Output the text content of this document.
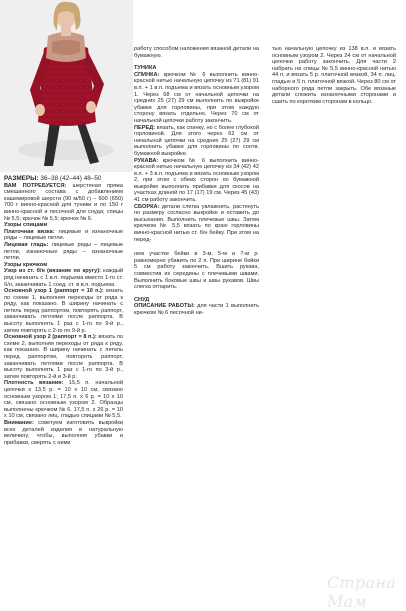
РАЗМЕРЫ: 36–38 (42–44) 48–50

ВАМ ПОТРЕБУЕТСЯ: шерстяная пряжа смешанного состава с добавлением кашемировой шерсти (90 м/50 г) – 600 (650) 700 г винно-красной для туники и по 150 г винно-красной и песочной для снуда; спицы № 5,5; крючок № 5,5; крючок № 6.

Узоры спицами

Платочная вязка: лицевые и изнаночные ряды – лицевые петли.

Лицевая гладь: лицевые ряды – лицевые петли, изнаночные ряды – изнаночные петли.

Узоры крючком

Узор из ст. б/н (вязание по кругу): каждый ряд начинать с 1 в.п. подъема вместо 1-го ст. б/н, заканчивать 1 соед. ст. в в.п. подъема.

Основной узор 1 (раппорт = 10 п.): вязать по схеме 1, выполняя переходы от ряда к ряду, как показано. В ширину начинать с петель перед раппортом, повторять раппорт, заканчивать петлями после раппорта. В высоту выполнять 1 раз с 1-го по 9-й р., затем повторять с 2-го по 9-й р.

Основной узор 2 (раппорт = 8 п.): вязать по схеме 2, выполняя переходы от ряда к ряду, как показано. В ширину начинать с петель перед раппортом, повторять раппорт, заканчивать петлями после раппорта. В высоту выполнять 1 раз с 1-го по 3-й р., затем повторять 2-й и 3-й р.

Плотность вязания: 15,5 п. начальной цепочки х 13,5 р. = 10 х 10 см, связано основным узором 1; 17,5 п. х 6 р. = 10 х 10 см, связано основным узором 2. Образцы выполнены крючком № 6. 17,5 п. х 26 р. = 10 х 10 см, связано лиц. гладью спицами № 5,5.

Внимание: советуем изготовить выкройки всех деталей изделия в натуральную величину, чтобы, выполняя убавки и прибавки, сверять с ними

работу способом наложения вязаной детали на бумажную.

ТУНИКА

СПИНКА: крючком № 6 выполнить винно-красной нитью начальную цепочку из 71 (81) 91 в.п. + 1 в.п. подъема и вязать основным узором 1. Через 68 см от начальной цепочки на средних 25 (27) 29 см выполнить по выкройке убавки для горловины, при этом каждую сторону вязать отдельно. Через 70 см от начальной цепочки работу закончить.

ПЕРЕД: вязать, как спинку, но с более глубокой горловиной. Для этого через 62 см от начальной цепочки на средних 25 (27) 29 см выполнить убавки для горловины по соотв. бумажной выкройке.

РУКАВА: крючком № 6 выполнить винно-красной нитью начальную цепочку из 34 (42) 42 в.п. + 3 в.п. подъема и вязать основным узором 2, при этом с обеих сторон по бумажной выкройке выполнить прибавки для скосов на участках длиной по 17 (17) 19 см. Через 45 (43) 41 см работу закончить.

СБОРКА: детали слегка увлажнить, растянуть по размеру согласно выкройке и оставить до высыхания. Выполнить плечевые швы. Затем крючком № 5,5 вязать по краю горловины винно-красной нитью ст. б/н бейку. При этом на перед-

нем участке бейки в 3-м, 5-м и 7-м р. равномерно убавить по 2 п. При ширине бейки 5 см работу закончить. Вшить рукава, совместив их середины с плечевыми швами. Выполнить боковые швы и швы рукавов. Швы слегка отпарить.

СНУД

ОПИСАНИЕ РАБОТЫ: для части 1 выполнить крючком № 6 песочной ни-

тью начальную цепочку из 138 в.п. и вязать основным узором 2. Через 24 см от начальной цепочки работу закончить. Для части 2 набрать на спицы № 5,5 винно-красной нитью 44 п. и вязать 5 р. платочной вязкой, 34 п. лиц. гладью и 5 п. платочной вязкой. Через 80 см от наборного ряда петли закрыть. Обе вязаные детали сложить изнаночными сторонами и сшить по коротким сторонам в кольцо.

Страна Мам
